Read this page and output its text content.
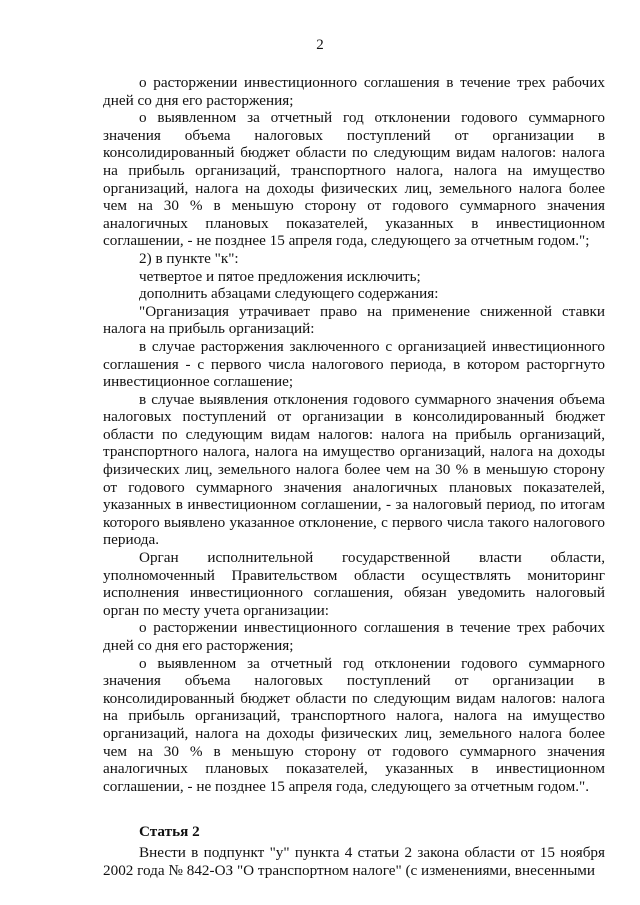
2

о расторжении инвестиционного соглашения в течение трех рабочих дней со дня его расторжения;

о выявленном за отчетный год отклонении годового суммарного значения объема налоговых поступлений от организации в консолидированный бюджет области по следующим видам налогов: налога на прибыль организаций, транспортного налога, налога на имущество организаций, налога на доходы физических лиц, земельного налога более чем на 30 % в меньшую сторону от годового суммарного значения аналогичных плановых показателей, указанных в инвестиционном соглашении, - не позднее 15 апреля года, следующего за отчетным годом.";

2) в пункте "к":

четвертое и пятое предложения исключить;

дополнить абзацами следующего содержания:

"Организация утрачивает право на применение сниженной ставки налога на прибыль организаций:

в случае расторжения заключенного с организацией инвестиционного соглашения - с первого числа налогового периода, в котором расторгнуто инвестиционное соглашение;

в случае выявления отклонения годового суммарного значения объема налоговых поступлений от организации в консолидированный бюджет области по следующим видам налогов: налога на прибыль организаций, транспортного налога, налога на имущество организаций, налога на доходы физических лиц, земельного налога более чем на 30 % в меньшую сторону от годового суммарного значения аналогичных плановых показателей, указанных в инвестиционном соглашении, - за налоговый период, по итогам которого выявлено указанное отклонение, с первого числа такого налогового периода.

Орган исполнительной государственной власти области, уполномоченный Правительством области осуществлять мониторинг исполнения инвестиционного соглашения, обязан уведомить налоговый орган по месту учета организации:

о расторжении инвестиционного соглашения в течение трех рабочих дней со дня его расторжения;

о выявленном за отчетный год отклонении годового суммарного значения объема налоговых поступлений от организации в консолидированный бюджет области по следующим видам налогов: налога на прибыль организаций, транспортного налога, налога на имущество организаций, налога на доходы физических лиц, земельного налога более чем на 30 % в меньшую сторону от годового суммарного значения аналогичных плановых показателей, указанных в инвестиционном соглашении, - не позднее 15 апреля года, следующего за отчетным годом.".

Статья 2

Внести в подпункт "у" пункта 4 статьи 2 закона области от 15 ноября 2002 года № 842-ОЗ "О транспортном налоге" (с изменениями, внесенными
